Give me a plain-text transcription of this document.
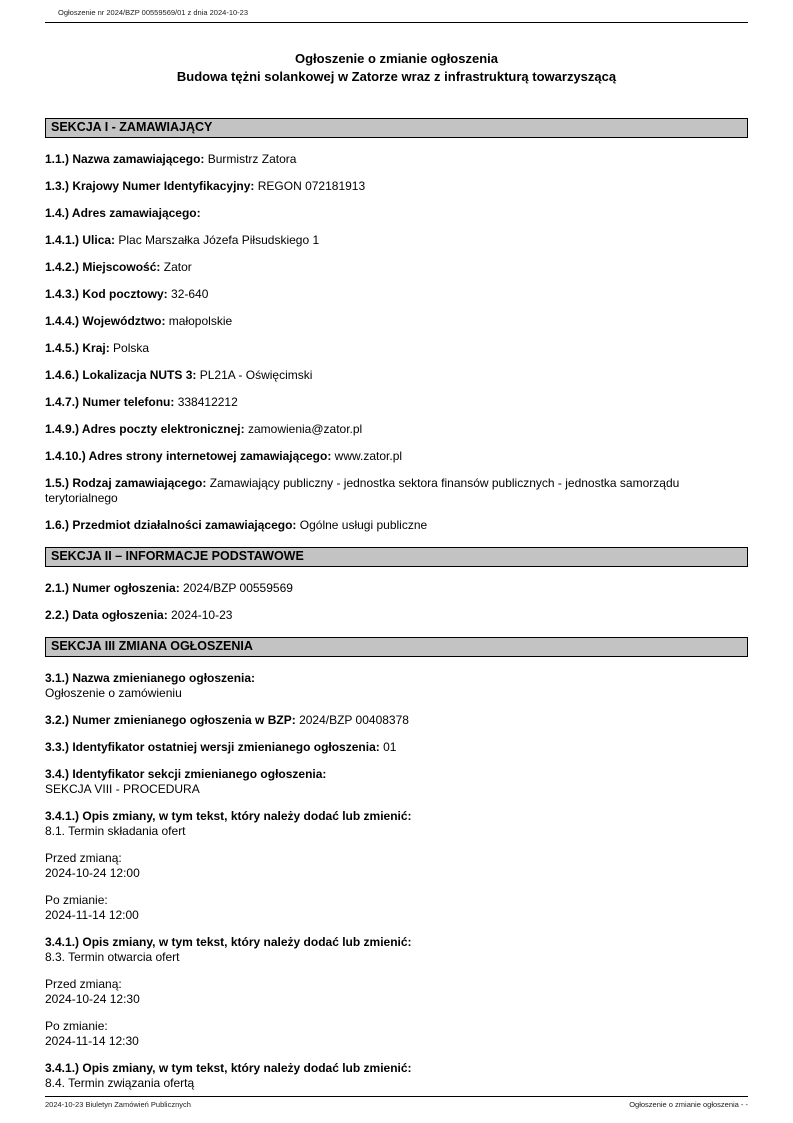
Ogłoszenie nr 2024/BZP 00559569/01 z dnia 2024-10-23
Ogłoszenie o zmianie ogłoszenia
Budowa tężni solankowej w Zatorze wraz z infrastrukturą towarzyszącą
SEKCJA I - ZAMAWIAJĄCY

1.1.) Nazwa zamawiającego: Burmistrz Zatora

1.3.) Krajowy Numer Identyfikacyjny: REGON 072181913

1.4.) Adres zamawiającego:

1.4.1.) Ulica: Plac Marszałka Józefa Piłsudskiego 1

1.4.2.) Miejscowość: Zator

1.4.3.) Kod pocztowy: 32-640

1.4.4.) Województwo: małopolskie

1.4.5.) Kraj: Polska

1.4.6.) Lokalizacja NUTS 3: PL21A - Oświęcimski

1.4.7.) Numer telefonu: 338412212

1.4.9.) Adres poczty elektronicznej: zamowienia@zator.pl

1.4.10.) Adres strony internetowej zamawiającego: www.zator.pl

1.5.) Rodzaj zamawiającego: Zamawiający publiczny - jednostka sektora finansów publicznych - jednostka samorządu terytorialnego

1.6.) Przedmiot działalności zamawiającego: Ogólne usługi publiczne

SEKCJA II – INFORMACJE PODSTAWOWE

2.1.) Numer ogłoszenia: 2024/BZP 00559569

2.2.) Data ogłoszenia: 2024-10-23

SEKCJA III ZMIANA OGŁOSZENIA

3.1.) Nazwa zmienianego ogłoszenia:
Ogłoszenie o zamówieniu

3.2.) Numer zmienianego ogłoszenia w BZP: 2024/BZP 00408378

3.3.) Identyfikator ostatniej wersji zmienianego ogłoszenia: 01

3.4.) Identyfikator sekcji zmienianego ogłoszenia:
SEKCJA VIII - PROCEDURA

3.4.1.) Opis zmiany, w tym tekst, który należy dodać lub zmienić:
8.1. Termin składania ofert

Przed zmianą:
2024-10-24 12:00

Po zmianie:
2024-11-14 12:00

3.4.1.) Opis zmiany, w tym tekst, który należy dodać lub zmienić:
8.3. Termin otwarcia ofert

Przed zmianą:
2024-10-24 12:30

Po zmianie:
2024-11-14 12:30

3.4.1.) Opis zmiany, w tym tekst, który należy dodać lub zmienić:
8.4. Termin związania ofertą

2024-10-23 Biuletyn Zamówień Publicznych	Ogłoszenie o zmianie ogłoszenia - -
